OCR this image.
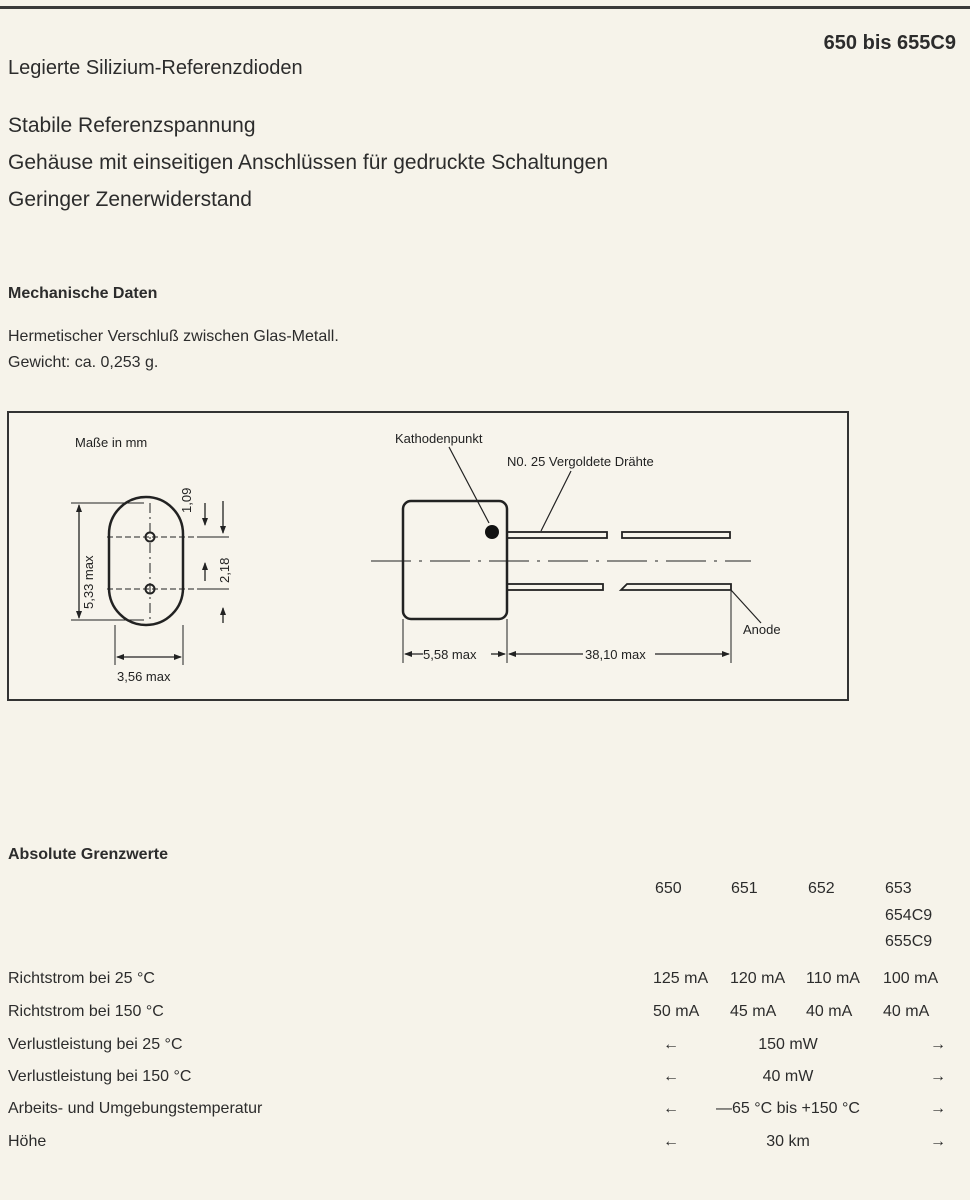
650 bis 655C9
Legierte Silizium-Referenzdioden
Stabile Referenzspannung
Gehäuse mit einseitigen Anschlüssen für gedruckte Schaltungen
Geringer Zenerwiderstand
Mechanische Daten
Hermetischer Verschluß zwischen Glas-Metall.
Gewicht: ca. 0,253 g.
Maße in mm
5,33 max
1,09
2,18
3,56 max
Kathodenpunkt
N0. 25 Vergoldete Drähte
Anode
5,58 max	38,10 max
Absolute Grenzwerte
650	651	652	653
654C9
655C9
Richtstrom bei 25 °C	125 mA 120 mA 110 mA 100 mA
Richtstrom bei 150 °C	50 mA 45 mA 40 mA 40 mA
Verlustleistung bei 25 °C	←	150 mW	→
Verlustleistung bei 150 °C	←	40 mW	→
Arbeits- und Umgebungstemperatur	←	—65 °C bis +150 °C	→
Höhe	←	30 km	→
